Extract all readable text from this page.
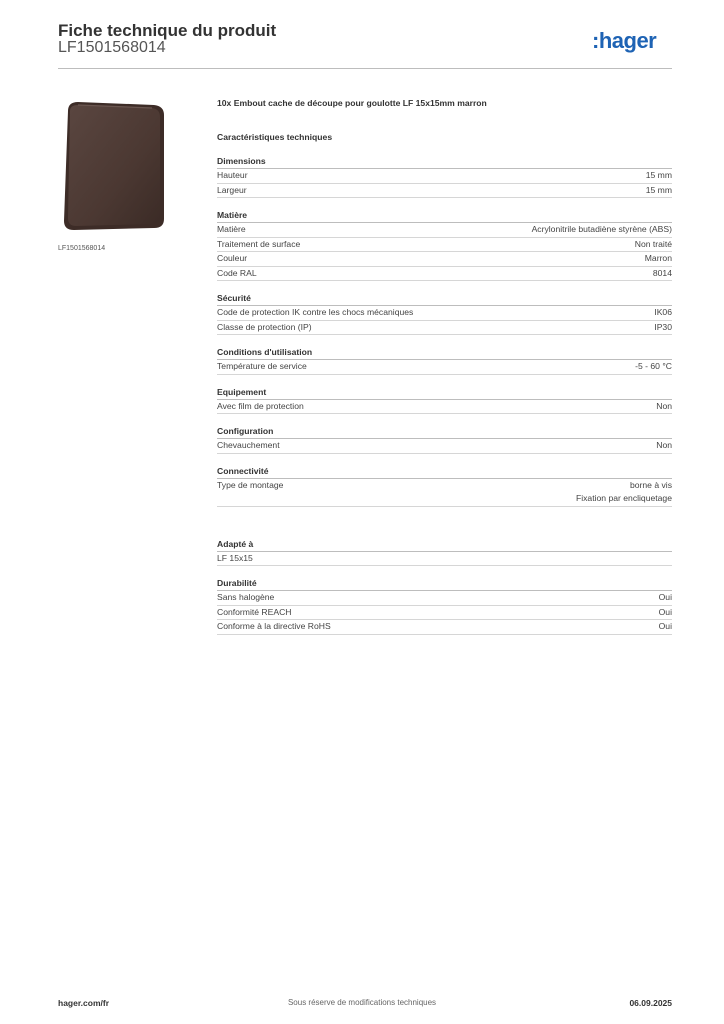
Fiche technique du produit
LF1501568014	:hager
LF1501568014
10x Embout cache de découpe pour goulotte LF 15x15mm marron
Caractéristiques techniques
Dimensions
Hauteur	15 mm
Largeur	15 mm
Matière
Matière	Acrylonitrile butadiène styrène (ABS)
Traitement de surface	Non traité
Couleur	Marron
Code RAL	8014
Sécurité
Code de protection IK contre les chocs mécaniques	IK06
Classe de protection (IP)	IP30
Conditions d'utilisation
Température de service	-5 - 60 °C
Equipement
Avec film de protection	Non
Configuration
Chevauchement	Non
Connectivité
Type de montage	borne à vis
Fixation par encliquetage
Adapté à
LF 15x15
Durabilité
Sans halogène	Oui
Conformité REACH	Oui
Conforme à la directive RoHS	Oui
hager.com/fr	Sous réserve de modifications techniques	06.09.2025
